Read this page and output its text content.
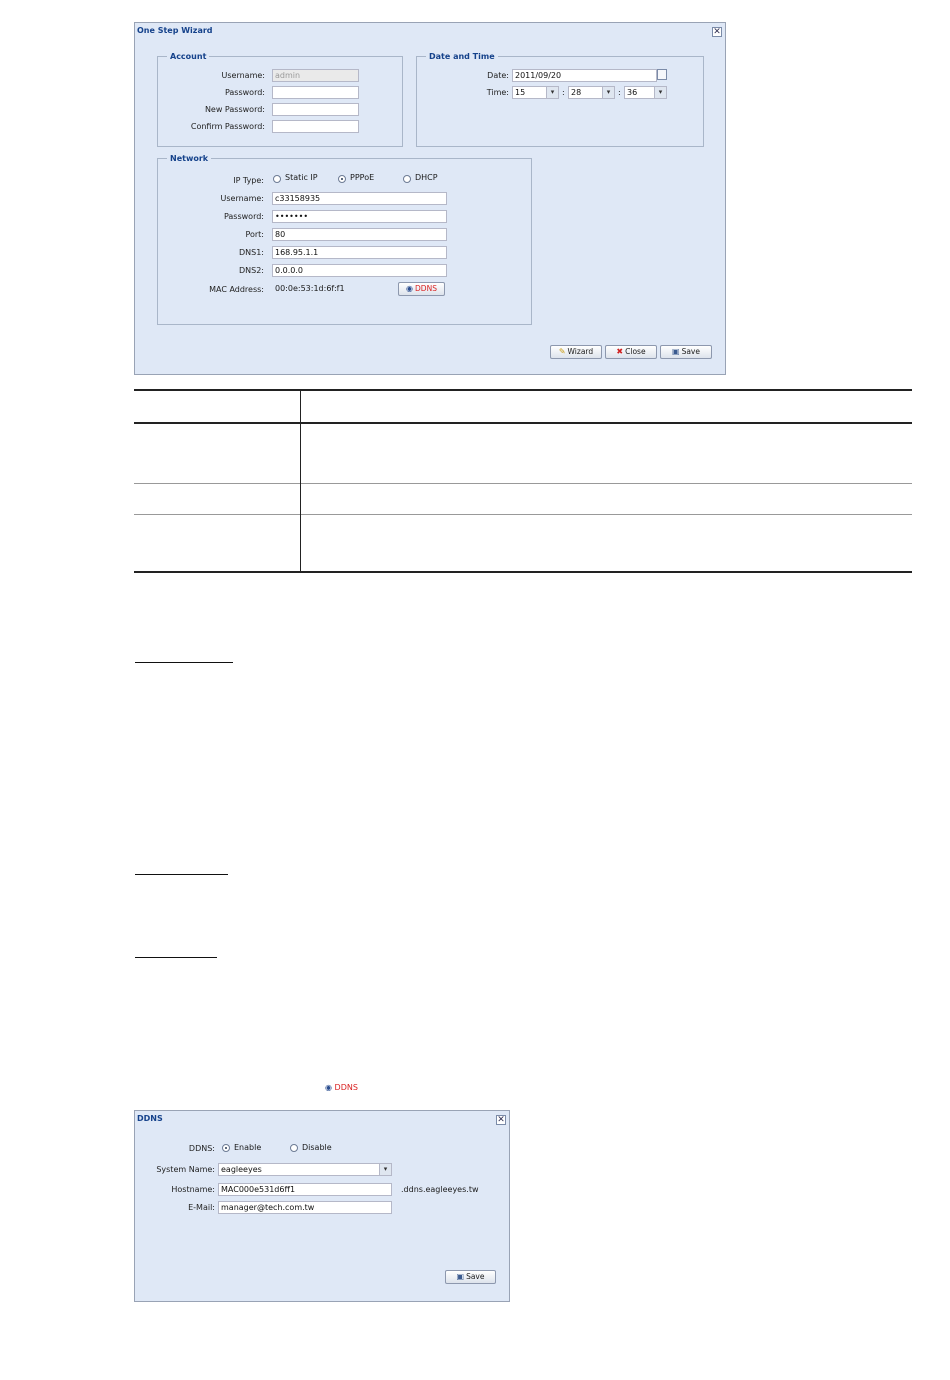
One Step Wizard	✕
Account
Username:	admin
Password:
New Password:
Confirm Password:
Date and Time
Date: 2011/09/20
Time: 15	▾ : 28	▾ : 36	▾
Network
IP Type:	Static IP	PPPoE	DHCP
Username:	c33158935
Password:	•••••••
Port:	80
DNS1:	168.95.1.1
DNS2:	0.0.0.0
MAC Address: 00:0e:53:1d:6f:f1	◉ DDNS
✎ Wizard	✖ Close	▣ Save
◉ DDNS
DDNS	✕
DDNS: Enable	Disable
System Name: eagleeyes	▾
Hostname: MAC000e531d6ff1	.ddns.eagleeyes.tw
E-Mail: manager@tech.com.tw
▣ Save
